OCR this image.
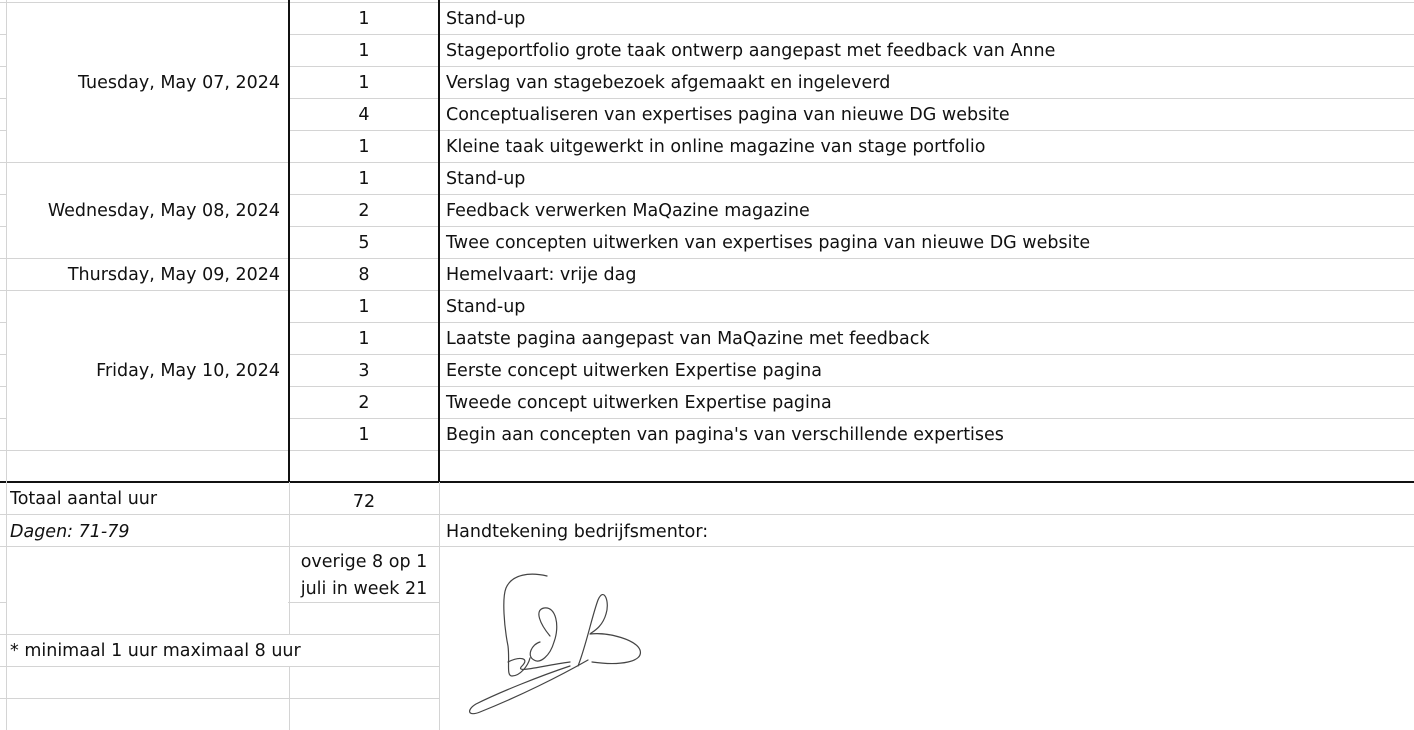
Tuesday, May 07, 2024
1	Stand-up
1	Stageportfolio grote taak ontwerp aangepast met feedback van Anne
1	Verslag van stagebezoek afgemaakt en ingeleverd
4	Conceptualiseren van expertises pagina van nieuwe DG website
1	Kleine taak uitgewerkt in online magazine van stage portfolio
Wednesday, May 08, 2024
1	Stand-up
2	Feedback verwerken MaQazine magazine
5	Twee concepten uitwerken van expertises pagina van nieuwe DG website
Thursday, May 09, 2024	8	Hemelvaart: vrije dag
Friday, May 10, 2024
1	Stand-up
1	Laatste pagina aangepast van MaQazine met feedback
3	Eerste concept uitwerken Expertise pagina
2	Tweede concept uitwerken Expertise pagina
1	Begin aan concepten van pagina's van verschillende expertises
Totaal aantal uur	72
Dagen: 71-79	Handtekening bedrijfsmentor:
overige 8 op 1 juli in week 21
* minimaal 1 uur maximaal 8 uur
